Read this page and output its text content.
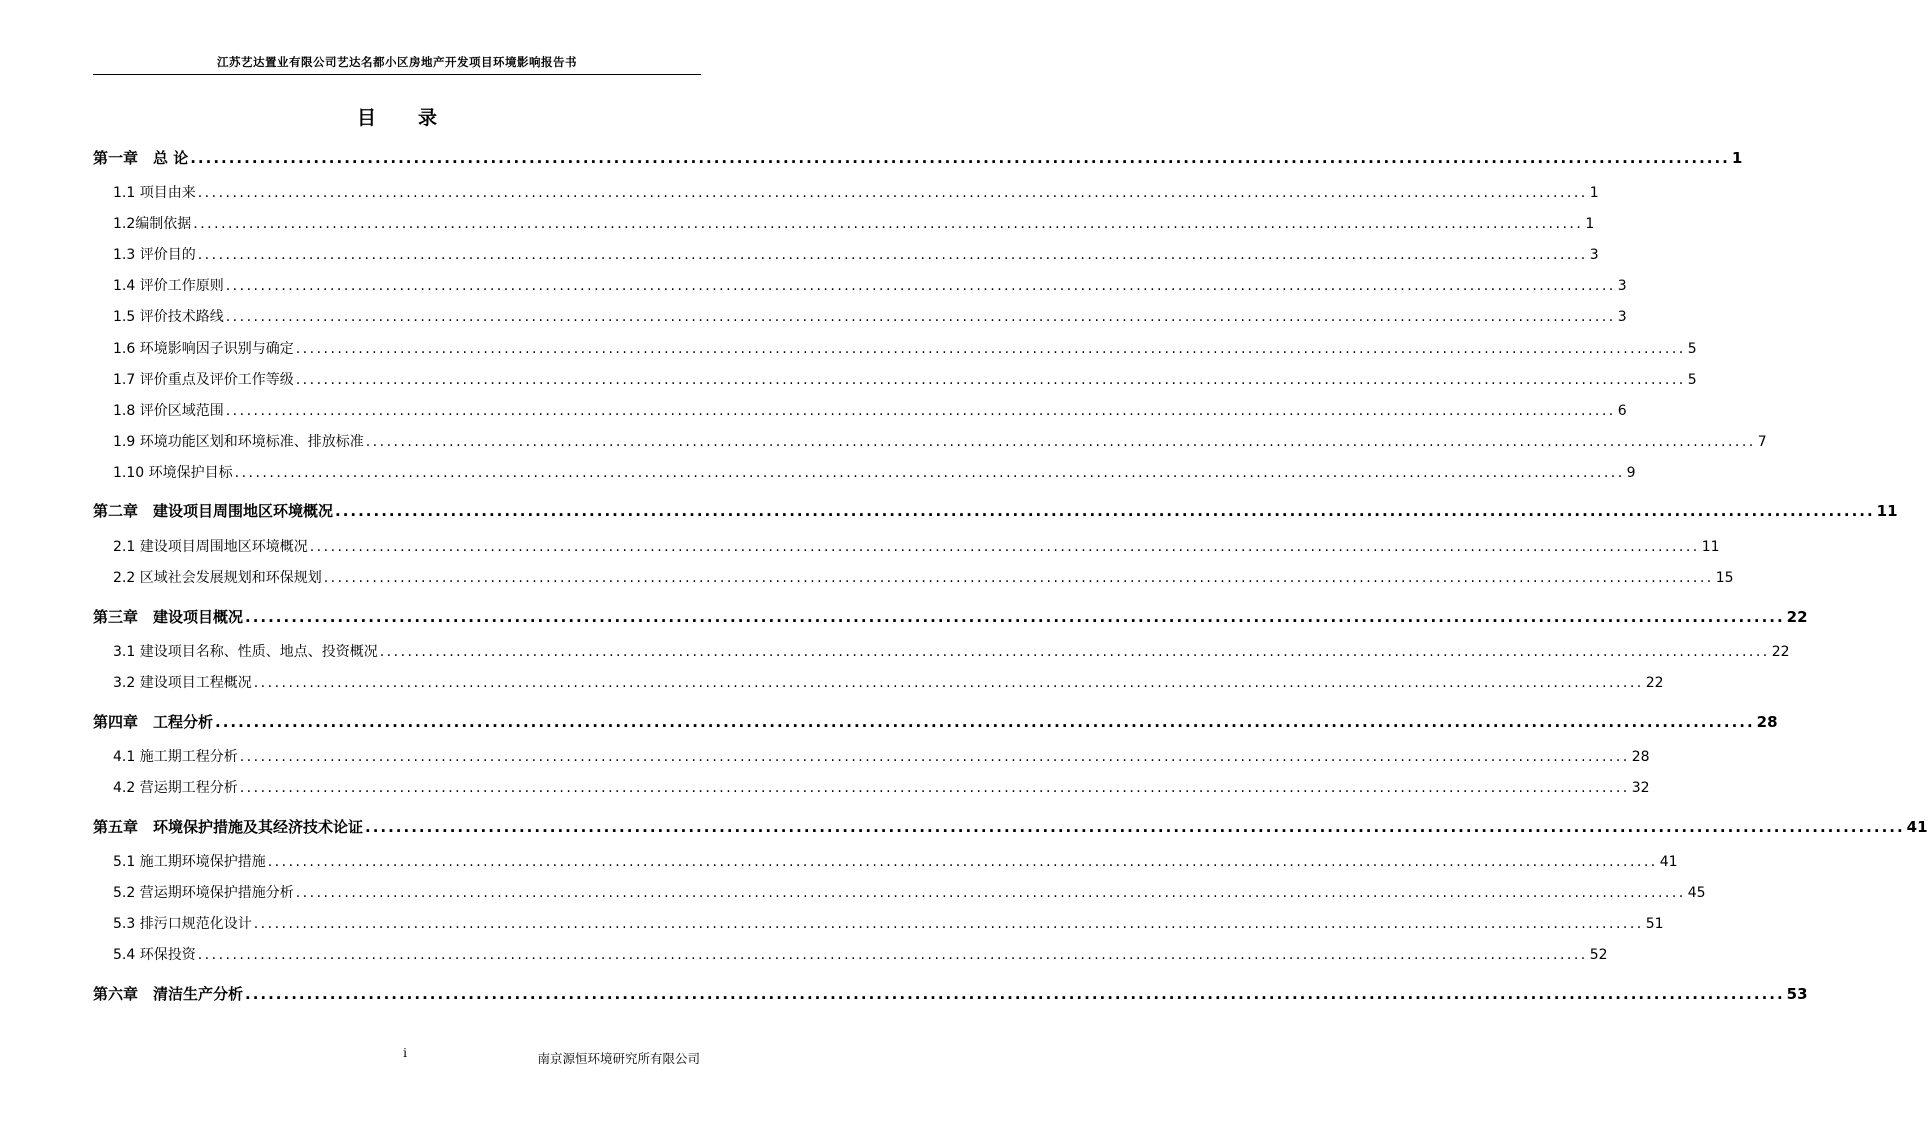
江苏艺达置业有限公司艺达名都小区房地产开发项目环境影响报告书
目 录
第一章　总 论 ........................................................................................................................................................................................................ 1
1.1 项目由来 ........................................................................................................................................................................................................ 1
1.2编制依据 ........................................................................................................................................................................................................ 1
1.3 评价目的 ........................................................................................................................................................................................................ 3
1.4 评价工作原则 ........................................................................................................................................................................................................ 3
1.5 评价技术路线 ........................................................................................................................................................................................................ 3
1.6 环境影响因子识别与确定 ........................................................................................................................................................................................................ 5
1.7 评价重点及评价工作等级 ........................................................................................................................................................................................................ 5
1.8 评价区域范围 ........................................................................................................................................................................................................ 6
1.9 环境功能区划和环境标准、排放标准 ........................................................................................................................................................................................................ 7
1.10 环境保护目标 ........................................................................................................................................................................................................ 9
第二章　建设项目周围地区环境概况 ........................................................................................................................................................................................................ 11
2.1 建设项目周围地区环境概况 ........................................................................................................................................................................................................ 11
2.2 区域社会发展规划和环保规划 ........................................................................................................................................................................................................ 15
第三章　建设项目概况 ........................................................................................................................................................................................................ 22
3.1 建设项目名称、性质、地点、投资概况 ........................................................................................................................................................................................................ 22
3.2 建设项目工程概况 ........................................................................................................................................................................................................ 22
第四章　工程分析 ........................................................................................................................................................................................................ 28
4.1 施工期工程分析 ........................................................................................................................................................................................................ 28
4.2 营运期工程分析 ........................................................................................................................................................................................................ 32
第五章　环境保护措施及其经济技术论证 ........................................................................................................................................................................................................ 41
5.1 施工期环境保护措施 ........................................................................................................................................................................................................ 41
5.2 营运期环境保护措施分析 ........................................................................................................................................................................................................ 45
5.3 排污口规范化设计 ........................................................................................................................................................................................................ 51
5.4 环保投资 ........................................................................................................................................................................................................ 52
第六章　清洁生产分析 ........................................................................................................................................................................................................ 53
i	南京源恒环境研究所有限公司
